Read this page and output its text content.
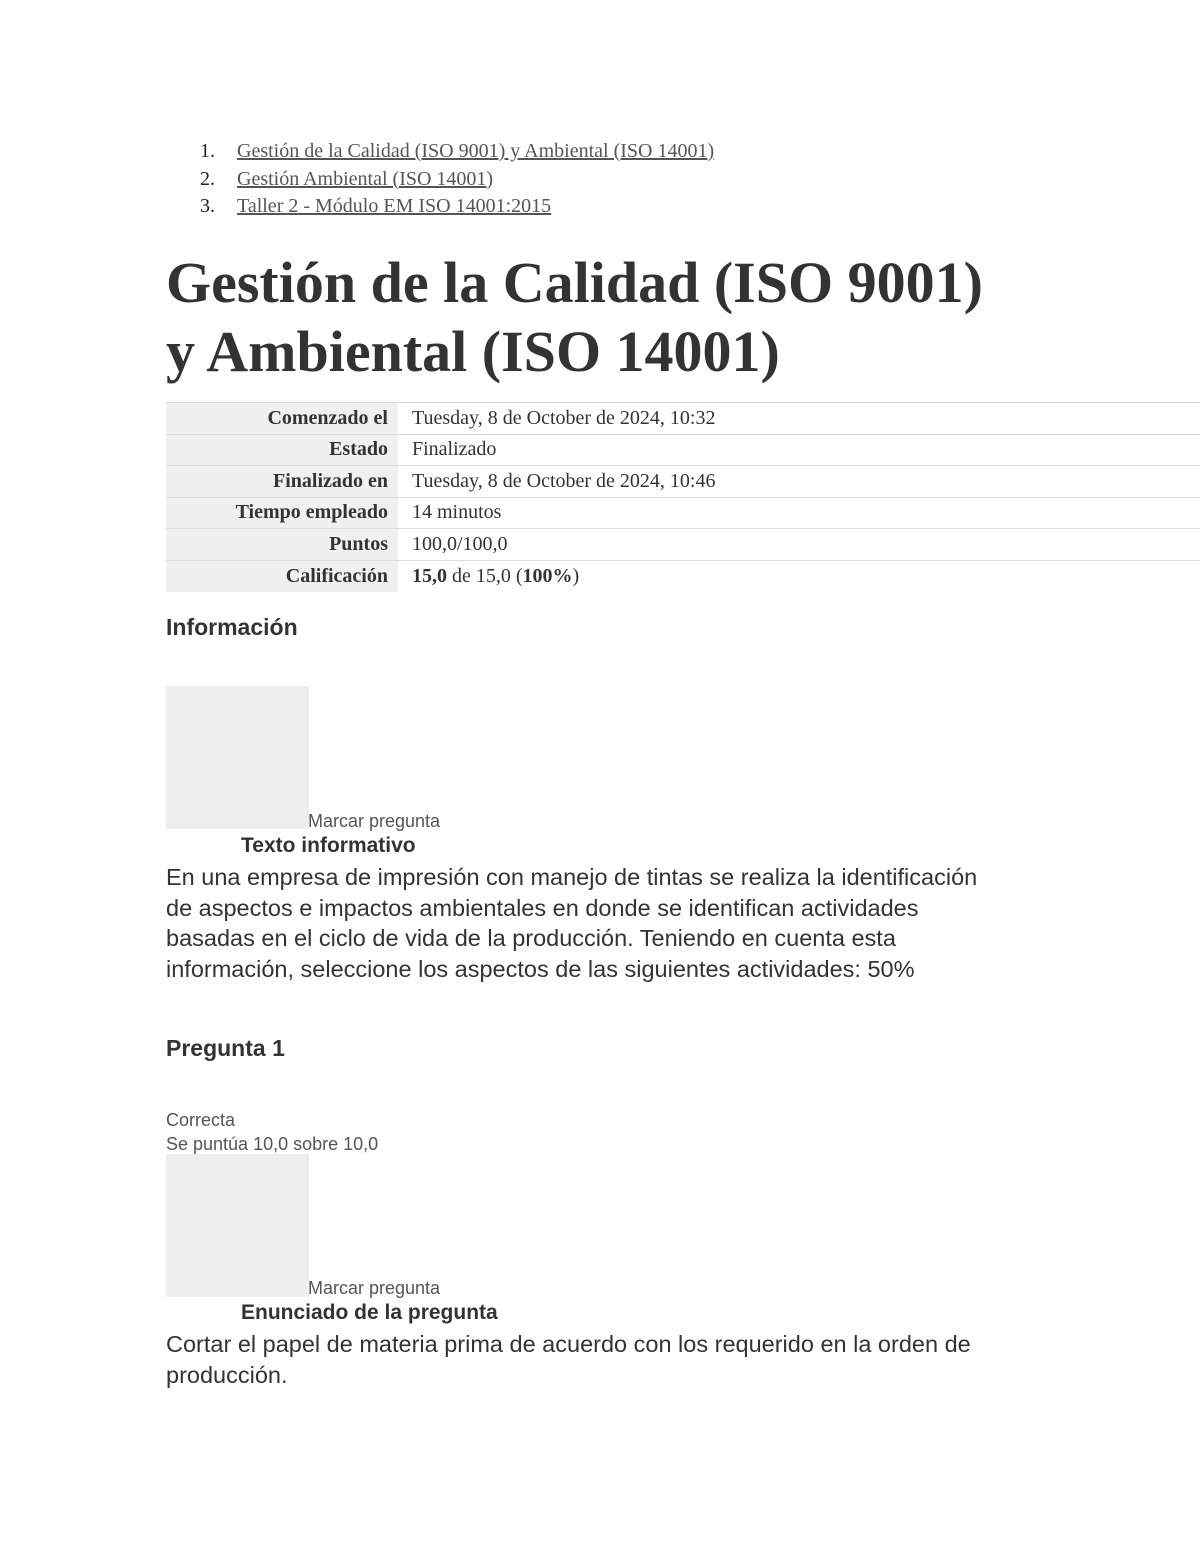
1. Gestión de la Calidad (ISO 9001) y Ambiental (ISO 14001)
2. Gestión Ambiental (ISO 14001)
3. Taller 2 - Módulo EM ISO 14001:2015
Gestión de la Calidad (ISO 9001)
y Ambiental (ISO 14001)
Comenzado el	Tuesday, 8 de October de 2024, 10:32
Estado	Finalizado
Finalizado en	Tuesday, 8 de October de 2024, 10:46
Tiempo empleado	14 minutos
Puntos	100,0/100,0
Calificación	15,0 de 15,0 (100%)
Información
Marcar pregunta
Texto informativo

En una empresa de impresión con manejo de tintas se realiza la identificación de aspectos e impactos ambientales en donde se identifican actividades basadas en el ciclo de vida de la producción. Teniendo en cuenta esta información, seleccione los aspectos de las siguientes actividades: 50%

Pregunta 1
Correcta
Se puntúa 10,0 sobre 10,0
Marcar pregunta
Enunciado de la pregunta

Cortar el papel de materia prima de acuerdo con los requerido en la orden de producción.
